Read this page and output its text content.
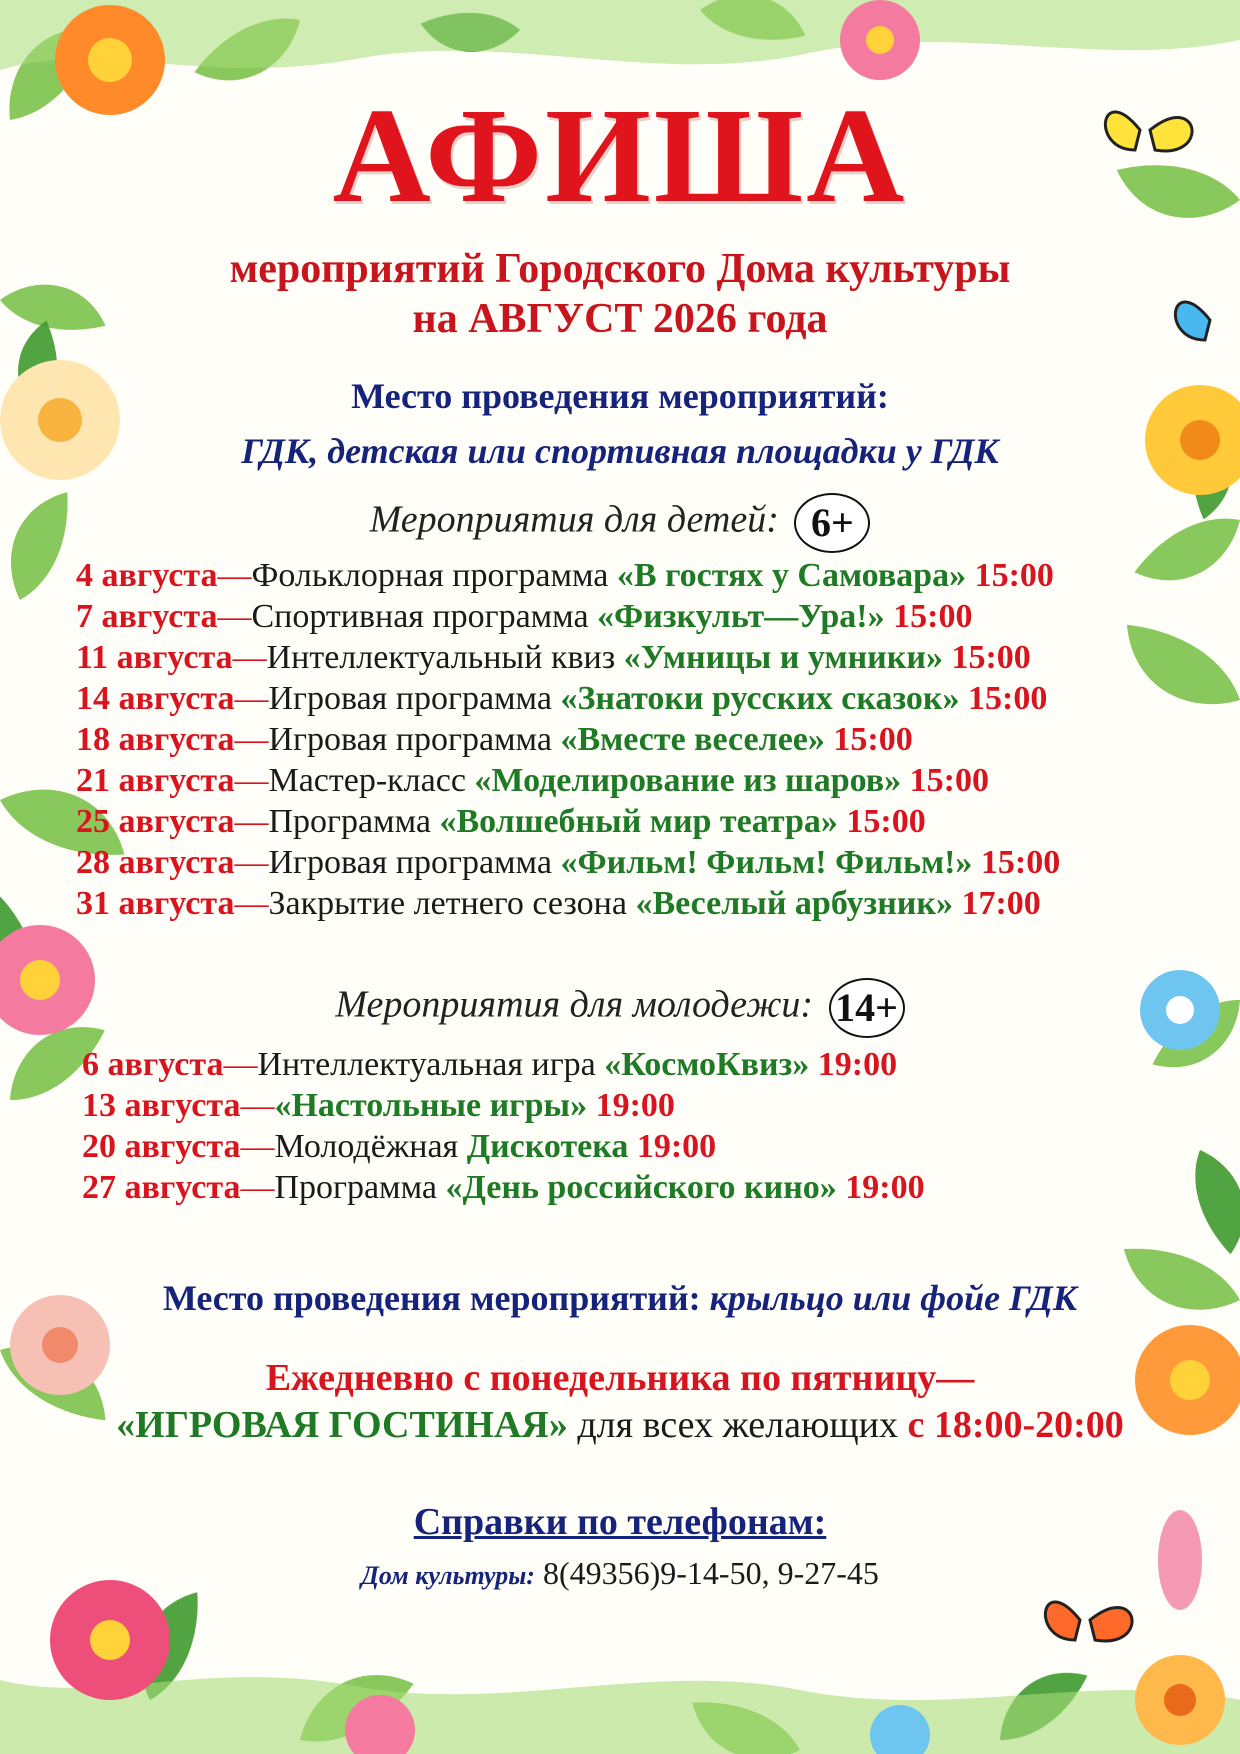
АФИША
мероприятий Городского Дома культуры
на АВГУСТ 2026 года
Место проведения мероприятий:
ГДК, детская или спортивная площадки у ГДК
Мероприятия для детей: 6+
4 августа—Фольклорная программа «В гостях у Самовара» 15:00
7 августа—Спортивная программа «Физкульт—Ура!» 15:00
11 августа—Интеллектуальный квиз «Умницы и умники» 15:00
14 августа—Игровая программа «Знатоки русских сказок» 15:00
18 августа—Игровая программа «Вместе веселее» 15:00
21 августа—Мастер-класс «Моделирование из шаров» 15:00
25 августа—Программа «Волшебный мир театра» 15:00
28 августа—Игровая программа «Фильм! Фильм! Фильм!» 15:00
31 августа—Закрытие летнего сезона «Веселый арбузник» 17:00
Мероприятия для молодежи: 14+
6 августа—Интеллектуальная игра «КосмоКвиз» 19:00
13 августа—«Настольные игры» 19:00
20 августа—Молодёжная Дискотека 19:00
27 августа—Программа «День российского кино» 19:00
Место проведения мероприятий: крыльцо или фойе ГДК
Ежедневно с понедельника по пятницу—
«ИГРОВАЯ ГОСТИНАЯ» для всех желающих с 18:00-20:00
Справки по телефонам:
Дом культуры: 8(49356)9-14-50, 9-27-45
